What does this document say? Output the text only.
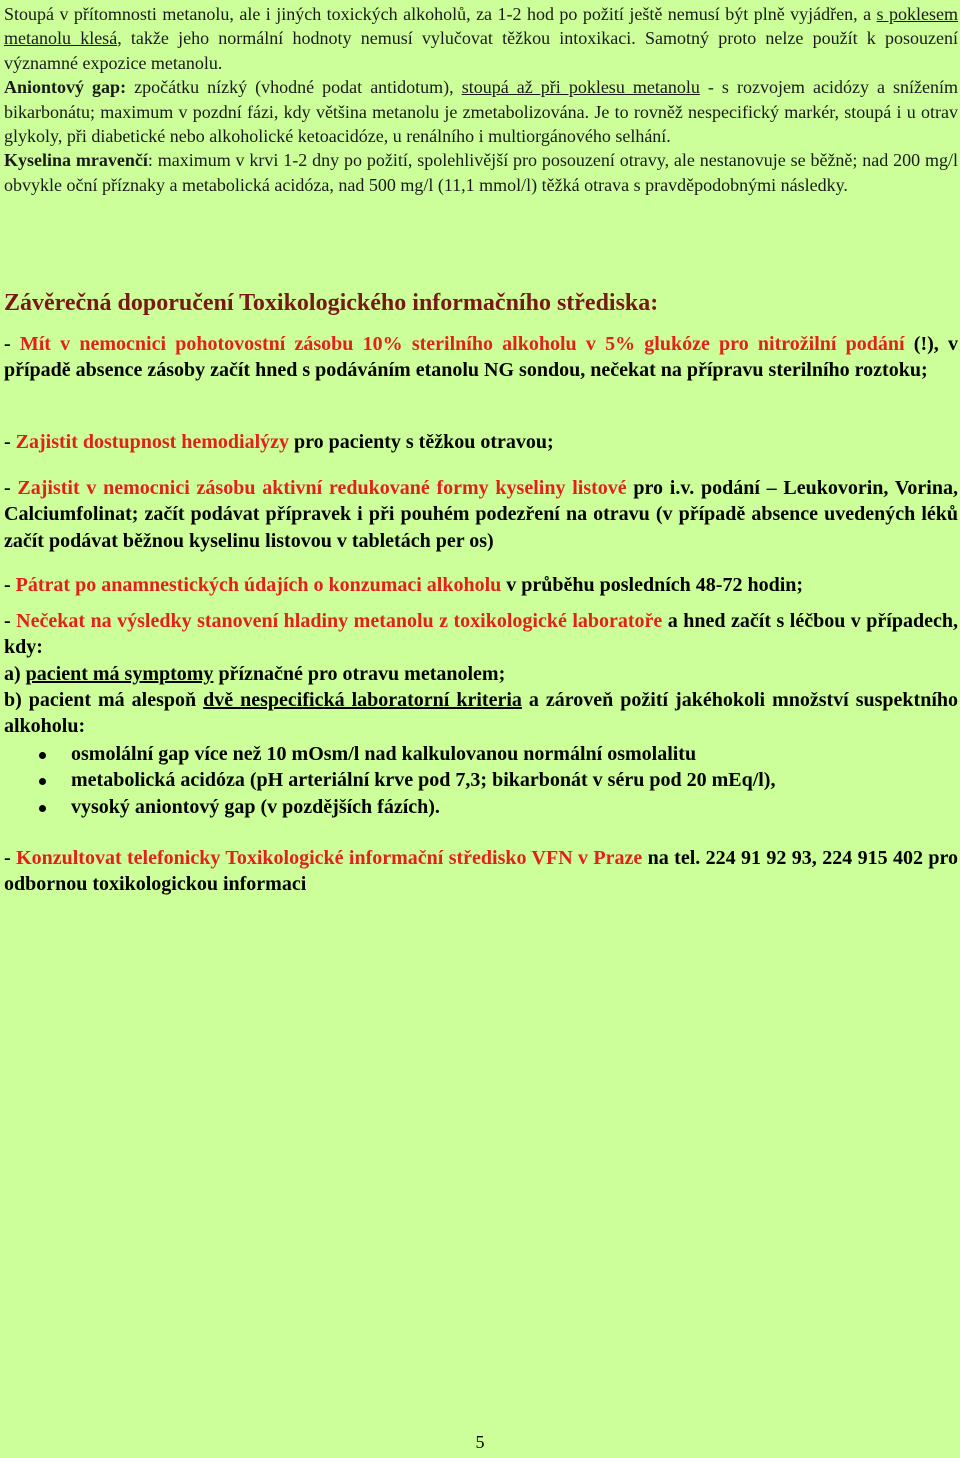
Stoupá v přítomnosti metanolu, ale i jiných toxických alkoholů, za 1-2 hod po požití ještě nemusí být plně vyjádřen, a s poklesem metanolu klesá, takže jeho normální hodnoty nemusí vylučovat těžkou intoxikaci. Samotný proto nelze použít k posouzení významné expozice metanolu.

Aniontový gap: zpočátku nízký (vhodné podat antidotum), stoupá až při poklesu metanolu - s rozvojem acidózy a snížením bikarbonátu; maximum v pozdní fázi, kdy většina metanolu je zmetabolizována. Je to rovněž nespecifický markér, stoupá i u otrav glykoly, při diabetické nebo alkoholické ketoacidóze, u renálního i multiorgánového selhání.

Kyselina mravenčí: maximum v krvi 1-2 dny po požití, spolehlivější pro posouzení otravy, ale nestanovuje se běžně; nad 200 mg/l obvykle oční příznaky a metabolická acidóza, nad 500 mg/l (11,1 mmol/l) těžká otrava s pravděpodobnými následky.

Závěrečná doporučení Toxikologického informačního střediska:

- Mít v nemocnici pohotovostní zásobu 10% sterilního alkoholu v 5% glukóze pro nitrožilní podání (!), v případě absence zásoby začít hned s podáváním etanolu NG sondou, nečekat na přípravu sterilního roztoku;

- Zajistit dostupnost hemodialýzy pro pacienty s těžkou otravou;

- Zajistit v nemocnici zásobu aktivní redukované formy kyseliny listové pro i.v. podání – Leukovorin, Vorina, Calciumfolinat; začít podávat přípravek i při pouhém podezření na otravu (v případě absence uvedených léků začít podávat běžnou kyselinu listovou v tabletách per os)

- Pátrat po anamnestických údajích o konzumaci alkoholu v průběhu posledních 48-72 hodin;

- Nečekat na výsledky stanovení hladiny metanolu z toxikologické laboratoře a hned začít s léčbou v případech, kdy:
a) pacient má symptomy příznačné pro otravu metanolem;
b) pacient má alespoň dvě nespecifická laboratorní kriteria a zároveň požití jakéhokoli množství suspektního alkoholu:
osmolální gap více než 10 mOsm/l nad kalkulovanou normální osmolalitu
metabolická acidóza (pH arteriální krve pod 7,3; bikarbonát v séru pod 20 mEq/l),
vysoký aniontový gap (v pozdějších fázích).

- Konzultovat telefonicky Toxikologické informační středisko VFN v Praze na tel. 224 91 92 93, 224 915 402 pro odbornou toxikologickou informaci

5
